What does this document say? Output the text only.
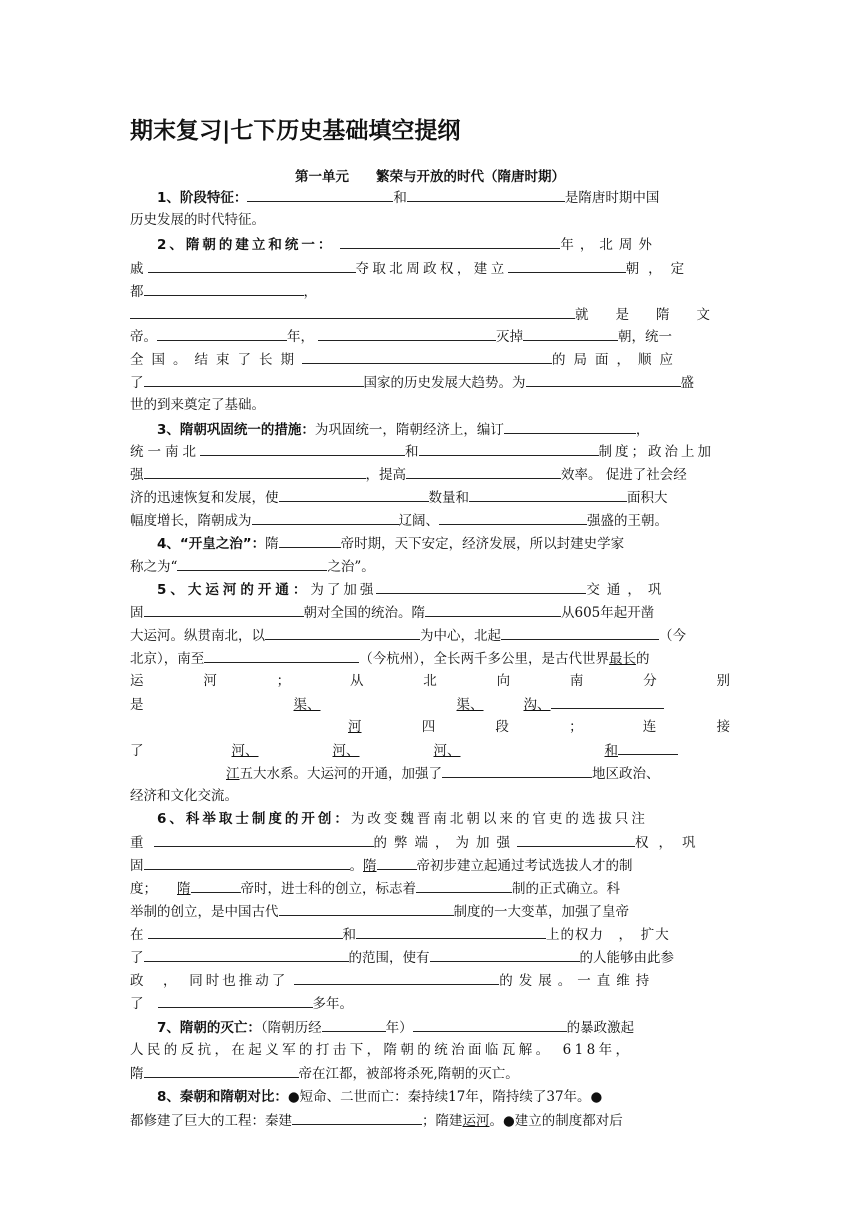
期末复习|七下历史基础填空提纲
第一单元　　繁荣与开放的时代（隋唐时期）
1、阶段特征：	和	是隋唐时期中国
历史发展的时代特征。
2、隋朝的建立和统一：	年，北周外
戚	夺取北周政权，建立	朝，定
都	，
就　　是　　隋　　文
帝。	年，	灭掉	朝，统一
全国。结束了长期	的局面，顺应
了	国家的历史发展大趋势。为	盛
世的到来奠定了基础。
3、隋朝巩固统一的措施：为巩固统一，隋朝经济上，编订	，
统一南北	和	制度；政治上加
强	，提高	效率。 促进了社会经
济的迅速恢复和发展，使	数量和	面积大
幅度增长，隋朝成为	辽阔、	强盛的王朝。
4、“开皇之治”：隋	帝时期，天下安定，经济发展，所以封建史学家
称之为“	之治”。
5、大运河的开通：为了加强	交通，巩
固	朝对全国的统治。隋	从605年起开凿
大运河。纵贯南北，以	为中心，北起	（今
北京），南至	（今杭州），全长两千多公里，是古代世界最长的
运	河	；	从	北	向	南	分	别
是	渠、	渠、	沟、
河	四	段	；	连	接
了	河、	河、	河、	和
江五大水系。大运河的开通，加强了	地区政治、
经济和文化交流。
6、科举取士制度的开创：为改变魏晋南北朝以来的官吏的选拔只注
重	的弊端，为加强	权，巩
固	。隋	帝初步建立起通过考试选拔人才的制
度； 隋	帝时，进士科的创立，标志着	制的正式确立。科
举制的创立，是中国古代	制度的一大变革，加强了皇帝
在	和	上的权力　，　扩大
了	的范围，使有	的人能够由此参
政　，　同时也推动了	的发展。一直维持
了	多年。
7、隋朝的灭亡：（隋朝历经	年）	的暴政激起
人民的反抗，在起义军的打击下，隋朝的统治面临瓦解。　618年，
隋	帝在江都，被部将杀死,隋朝的灭亡。
8、秦朝和隋朝对比：●短命、二世而亡：秦持续17年，隋持续了37年。●
都修建了巨大的工程：秦建	；隋建运河。●建立的制度都对后
